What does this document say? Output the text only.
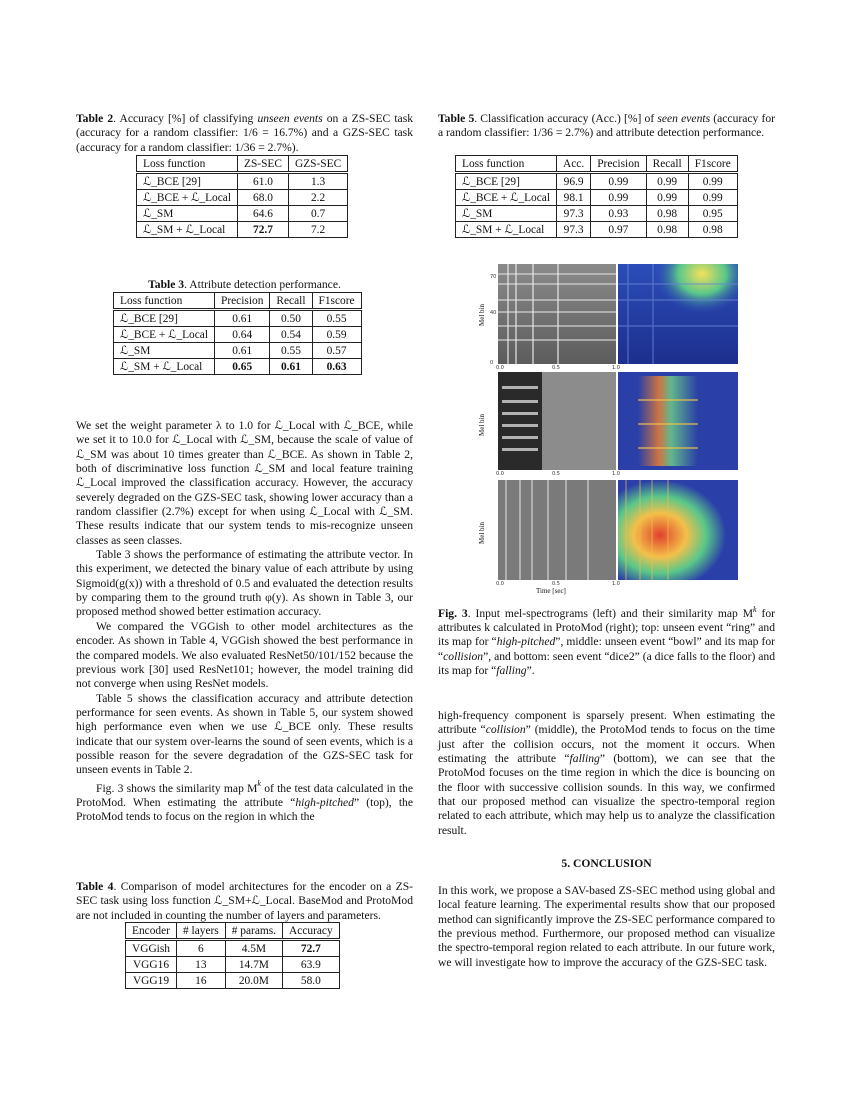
Table 2. Accuracy [%] of classifying unseen events on a ZS-SEC task (accuracy for a random classifier: 1/6 = 16.7%) and a GZS-SEC task (accuracy for a random classifier: 1/36 = 2.7%).
Loss function	ZS-SEC	GZS-SEC
ℒ_BCE [29]	61.0	1.3
ℒ_BCE + ℒ_Local	68.0	2.2
ℒ_SM	64.6	0.7
ℒ_SM + ℒ_Local	72.7	7.2
Table 5. Classification accuracy (Acc.) [%] of seen events (accuracy for a random classifier: 1/36 = 2.7%) and attribute detection performance.
Loss function	Acc.	Precision	Recall	F1score
ℒ_BCE [29]	96.9	0.99	0.99	0.99
ℒ_BCE + ℒ_Local	98.1	0.99	0.99	0.99
ℒ_SM	97.3	0.93	0.98	0.95
ℒ_SM + ℒ_Local	97.3	0.97	0.98	0.98
Table 3. Attribute detection performance.
Loss function	Precision	Recall	F1score
ℒ_BCE [29]	0.61	0.50	0.55
ℒ_BCE + ℒ_Local	0.64	0.54	0.59
ℒ_SM	0.61	0.55	0.57
ℒ_SM + ℒ_Local	0.65	0.61	0.63

We set the weight parameter λ to 1.0 for ℒ_Local with ℒ_BCE, while we set it to 10.0 for ℒ_Local with ℒ_SM, because the scale of value of ℒ_SM was about 10 times greater than ℒ_BCE. As shown in Table 2, both of discriminative loss function ℒ_SM and local feature training ℒ_Local improved the classification accuracy. However, the accuracy severely degraded on the GZS-SEC task, showing lower accuracy than a random classifier (2.7%) except for when using ℒ_Local with ℒ_SM. These results indicate that our system tends to mis-recognize unseen classes as seen classes.

Table 3 shows the performance of estimating the attribute vector. In this experiment, we detected the binary value of each attribute by using Sigmoid(g(x)) with a threshold of 0.5 and evaluated the detection results by comparing them to the ground truth φ(y). As shown in Table 3, our proposed method showed better estimation accuracy.

We compared the VGGish to other model architectures as the encoder. As shown in Table 4, VGGish showed the best performance in the compared models. We also evaluated ResNet50/101/152 because the previous work [30] used ResNet101; however, the model training did not converge when using ResNet models.

Table 5 shows the classification accuracy and attribute detection performance for seen events. As shown in Table 5, our system showed high performance even when we use ℒ_BCE only. These results indicate that our system over-learns the sound of seen events, which is a possible reason for the severe degradation of the GZS-SEC task for unseen events in Table 2.

Fig. 3 shows the similarity map $M^k$ of the test data calculated in the ProtoMod. When estimating the attribute “high-pitched” (top), the ProtoMod tends to focus on the region in which the

Table 4. Comparison of model architectures for the encoder on a ZS-SEC task using loss function ℒ_SM+ℒ_Local. BaseMod and ProtoMod are not included in counting the number of layers and parameters.
Encoder	# layers	# params.	Accuracy
VGGish	6	4.5M	72.7
VGG16	13	14.7M	63.9
VGG19	16	20.0M	58.0
Mel bin
Mel bin
Mel bin
70
40
0
0.0	0.5	1.0
0.0	0.5	1.0
0.0	0.5	1.0
Time [sec]
Fig. 3. Input mel-spectrograms (left) and their similarity map $M^k$ for attributes k calculated in ProtoMod (right); top: unseen event “ring” and its map for “high-pitched”, middle: unseen event “bowl” and its map for “collision”, and bottom: seen event “dice2” (a dice falls to the floor) and its map for “falling”.

high-frequency component is sparsely present. When estimating the attribute “collision” (middle), the ProtoMod tends to focus on the time just after the collision occurs, not the moment it occurs. When estimating the attribute “falling” (bottom), we can see that the ProtoMod focuses on the time region in which the dice is bouncing on the floor with successive collision sounds. In this way, we confirmed that our proposed method can visualize the spectro-temporal region related to each attribute, which may help us to analyze the classification result.

5. CONCLUSION

In this work, we propose a SAV-based ZS-SEC method using global and local feature learning. The experimental results show that our proposed method can significantly improve the ZS-SEC performance compared to the previous method. Furthermore, our proposed method can visualize the spectro-temporal region related to each attribute. In our future work, we will investigate how to improve the accuracy of the GZS-SEC task.
